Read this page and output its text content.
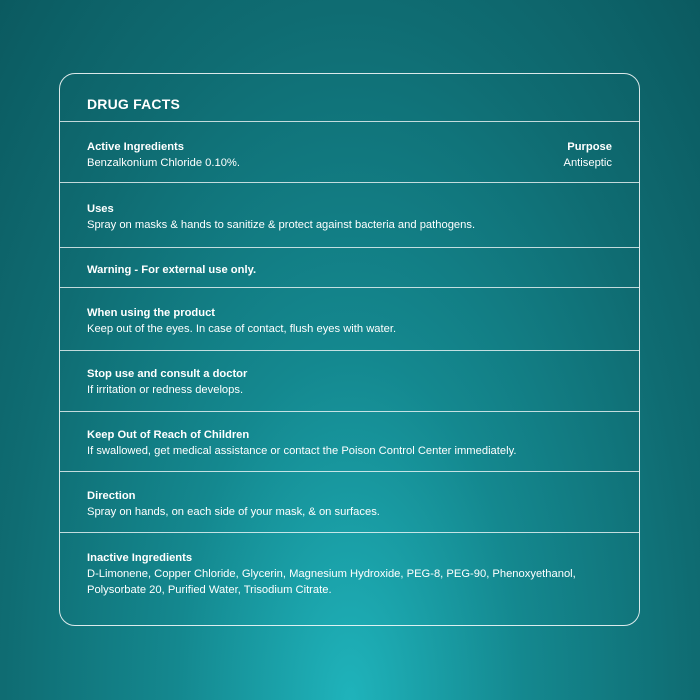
DRUG FACTS
Active Ingredients
Benzalkonium Chloride 0.10%.
Purpose
Antiseptic
Uses
Spray on masks & hands to sanitize & protect against bacteria and pathogens.
Warning - For external use only.
When using the product
Keep out of the eyes. In case of contact, flush eyes with water.
Stop use and consult a doctor
If irritation or redness develops.
Keep Out of Reach of Children
If swallowed, get medical assistance or contact the Poison Control Center immediately.
Direction
Spray on hands, on each side of your mask, & on surfaces.
Inactive Ingredients
D-Limonene, Copper Chloride, Glycerin, Magnesium Hydroxide, PEG-8, PEG-90, Phenoxyethanol,
Polysorbate 20, Purified Water, Trisodium Citrate.
